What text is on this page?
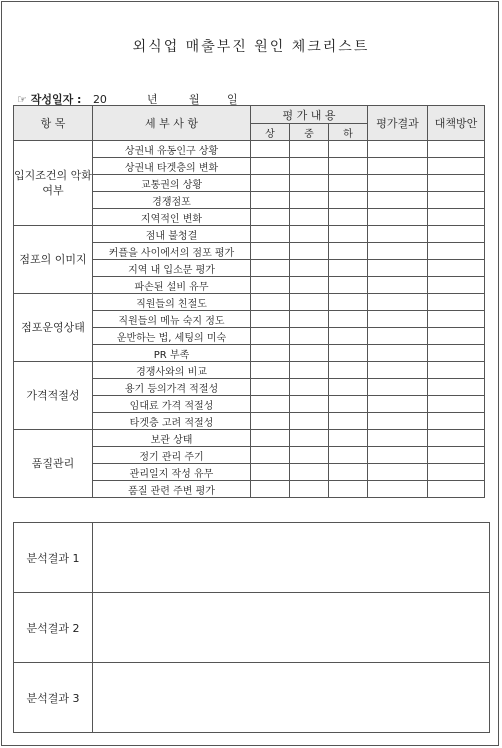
외식업 매출부진 원인 체크리스트
☞ 작성일자 : 20	년	월 일
항 목	세 부 사 항	평 가 내 용			평가결과	대책방안
		상	중	하		
입지조건의 악화여부	상권내 유동인구 상황					
	상권내 타겟층의 변화					
	교통권의 상황					
	경쟁점포					
	지역적인 변화					
점포의 이미지	점내 불청결					
	커플을 사이에서의 점포 평가					
	지역 내 입소문 평가					
	파손된 설비 유무					
점포운영상태	직원들의 친절도					
	직원들의 메뉴 숙지 정도					
	운반하는 법, 세팅의 미숙					
	PR 부족					
가격적절성	경쟁사와의 비교					
	용기 등의가격 적절성					
	임대료 가격 적절성					
	타겟층 고려 적절성					
품질관리	보관 상태					
	정기 관리 주기					
	관리일지 작성 유무					
	품질 관련 주변 평가					
분석결과 1	
분석결과 2	
분석결과 3	
